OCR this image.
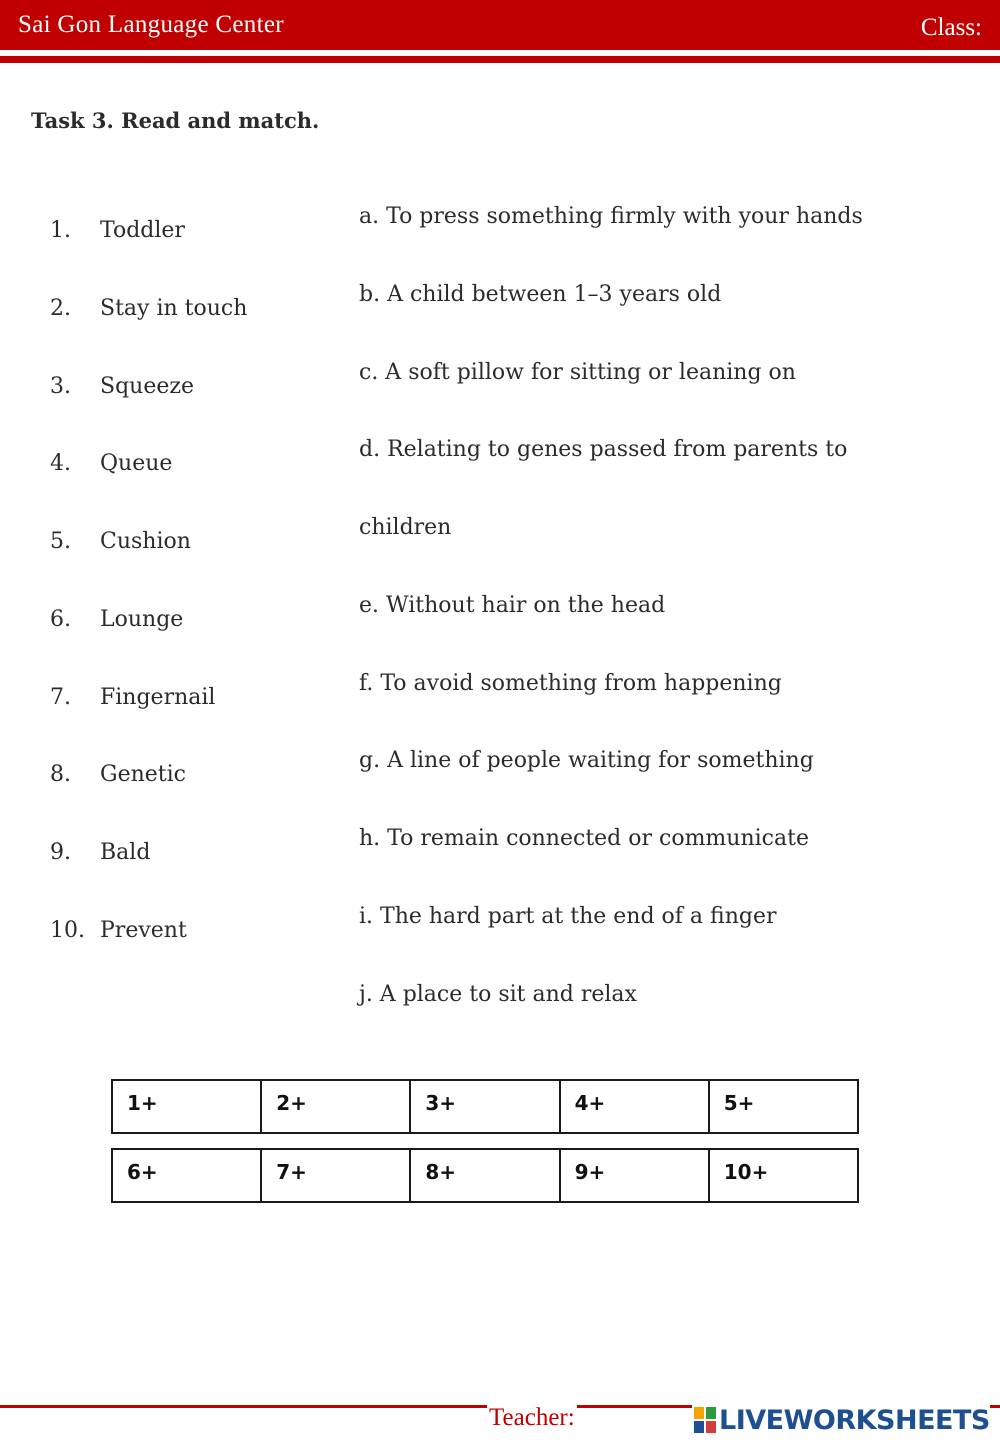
Sai Gon Language Center	Class:
Task 3. Read and match.
1.	Toddler
2.	Stay in touch
3.	Squeeze
4.	Queue
5.	Cushion
6.	Lounge
7.	Fingernail
8.	Genetic
9.	Bald
10. Prevent
a. To press something firmly with your hands
b. A child between 1–3 years old
c. A soft pillow for sitting or leaning on
d. Relating to genes passed from parents to
children
e. Without hair on the head
f. To avoid something from happening
g. A line of people waiting for something
h. To remain connected or communicate
i. The hard part at the end of a finger
j. A place to sit and relax
1+	2+	3+	4+	5+
6+	7+	8+	9+	10+
Teacher:	LIVEWORKSHEETS
